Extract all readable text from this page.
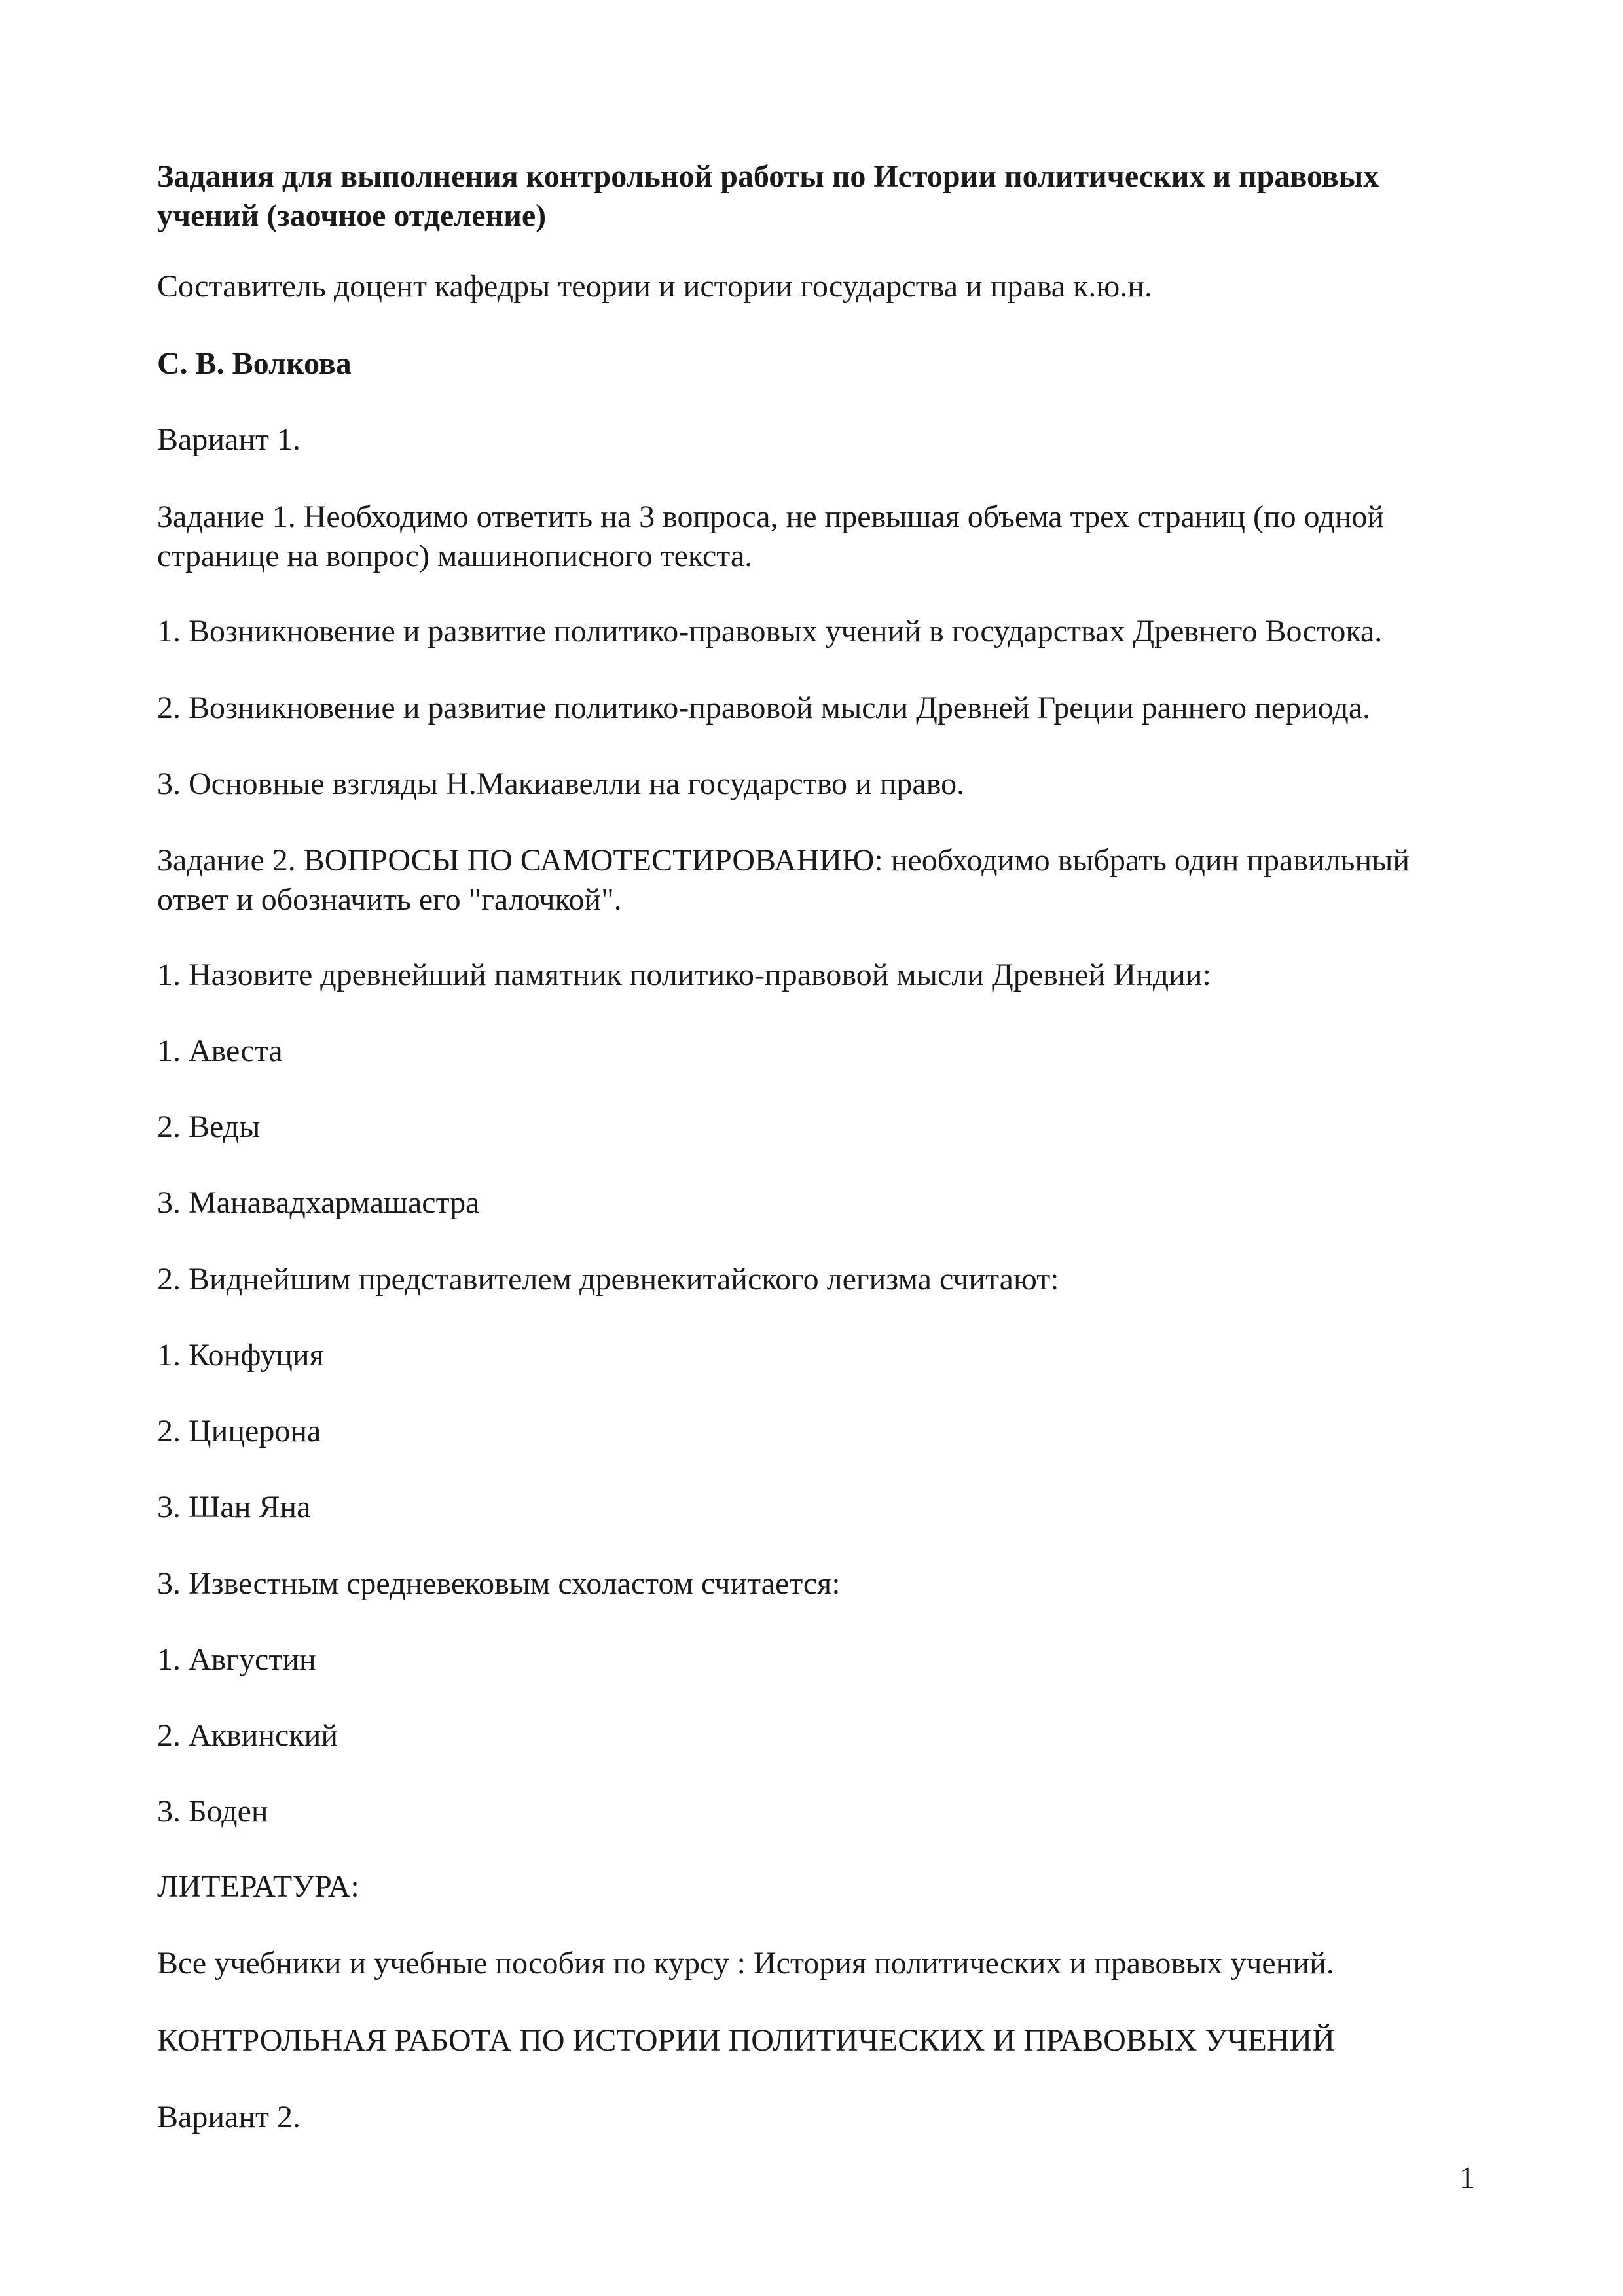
Задания для выполнения контрольной работы по Истории политических и правовых

учений (заочное отделение)

Составитель доцент кафедры теории и истории государства и права к.ю.н.

С. В. Волкова

Вариант 1.

Задание 1. Необходимо ответить на 3 вопроса, не превышая объема трех страниц (по одной

странице на вопрос) машинописного текста.

1. Возникновение и развитие политико-правовых учений в государствах Древнего Востока.

2. Возникновение и развитие политико-правовой мысли Древней Греции раннего периода.

3. Основные взгляды Н.Макиавелли на государство и право.

Задание 2. ВОПРОСЫ ПО САМОТЕСТИРОВАНИЮ: необходимо выбрать один правильный

ответ и обозначить его "галочкой".

1. Назовите древнейший памятник политико-правовой мысли Древней Индии:

1. Авеста

2. Веды

3. Манавадхармашастра

2. Виднейшим представителем древнекитайского легизма считают:

1. Конфуция

2. Цицерона

3. Шан Яна

3. Известным средневековым схоластом считается:

1. Августин

2. Аквинский

3. Боден

ЛИТЕРАТУРА:

Все учебники и учебные пособия по курсу : История политических и правовых учений.

КОНТРОЛЬНАЯ РАБОТА ПО ИСТОРИИ ПОЛИТИЧЕСКИХ И ПРАВОВЫХ УЧЕНИЙ

Вариант 2.

1
